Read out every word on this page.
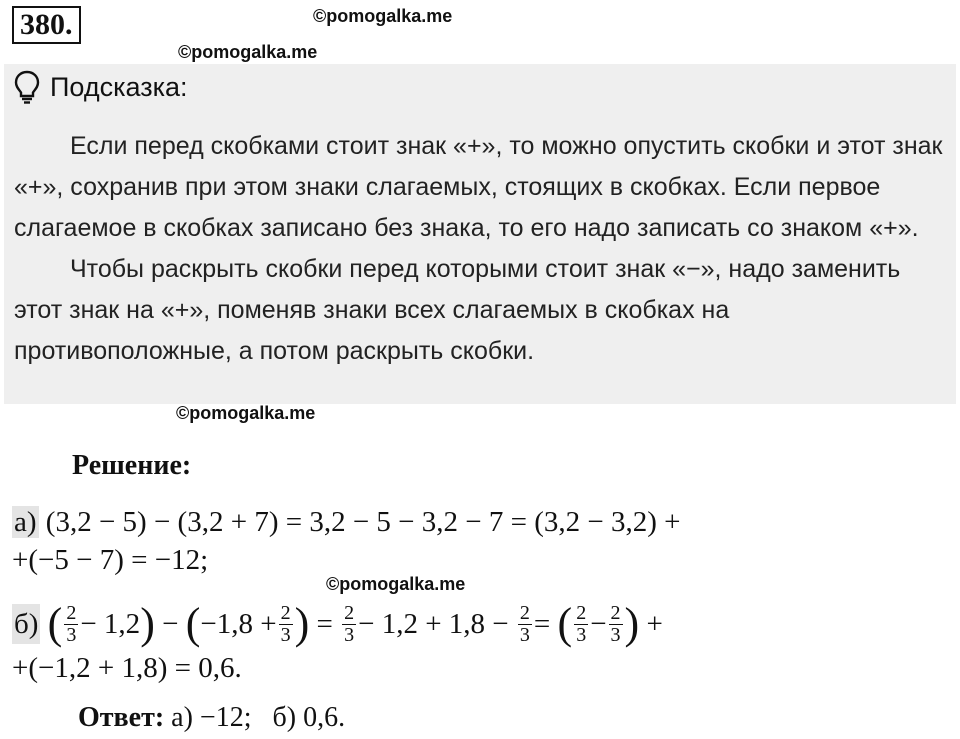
380.	©pomogalka.me
©pomogalka.me
Подсказка:

Если перед скобками стоит знак «+», то можно опустить скобки и этот знак «+», сохранив при этом знаки слагаемых, стоящих в скобках. Если первое слагаемое в скобках записано без знака, то его надо записать со знаком «+».

Чтобы раскрыть скобки перед которыми стоит знак «−», надо заменить этот знак на «+», поменяв знаки всех слагаемых в скобках на противоположные, а потом раскрыть скобки.

©pomogalka.me
Решение:
а) (3,2 − 5) − (3,2 + 7) = 3,2 − 5 − 3,2 − 7 = (3,2 − 3,2) +
+(−5 − 7) = −12;
©pomogalka.me
б)
( $\frac{2}{3} - 1,2$ )
−
( $-1,8 + \frac{2}{3}$ )
=
$\frac{2}{3} - 1,2 + 1,8$ −
$\frac{2}{3}$ =
( $\frac{2}{3} - \frac{2}{3}$ )
+
+(−1,2 + 1,8) = 0,6.
Ответ: а) −12;   б) 0,6.
